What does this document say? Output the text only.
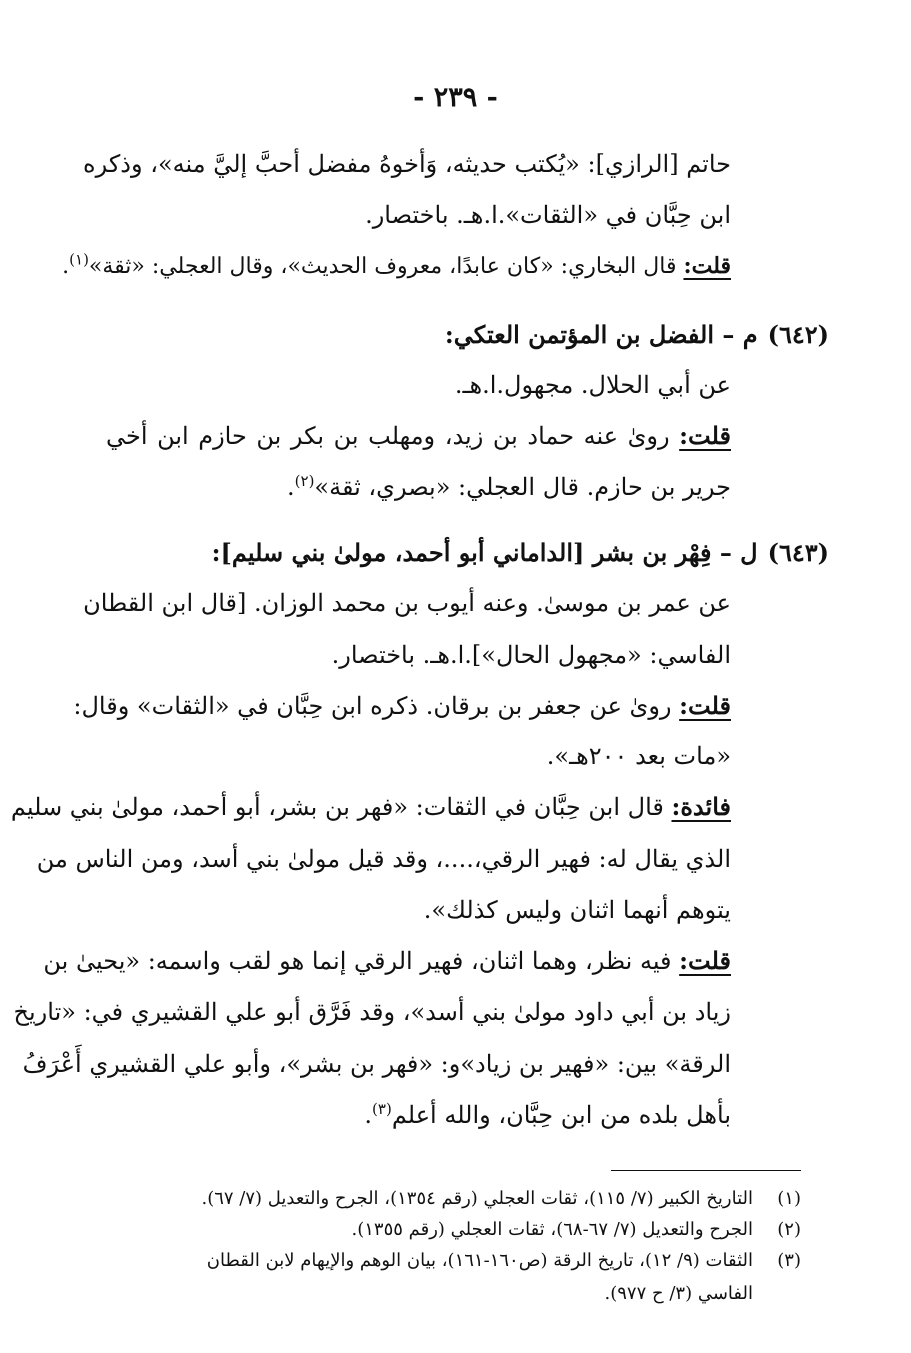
- ٢٣٩ -
حاتم [الرازي]: «يُكتب حديثه، وَأخوهُ مفضل أحبَّ إليَّ منه»، وذكره
ابن حِبَّان في «الثقات».ا.هـ. باختصار.
قلت: قال البخاري: «كان عابدًا، معروف الحديث»، وقال العجلي: «ثقة»$^{(١)}$.
(٦٤٢)م – الفضل بن المؤتمن العتكي:
عن أبي الحلال. مجهول.ا.هـ.
قلت: روىٰ عنه حماد بن زيد، ومهلب بن بكر بن حازم ابن أخي
جرير بن حازم. قال العجلي: «بصري، ثقة»$^{(٢)}$.
(٦٤٣)ل – فِهْر بن بشر [الداماني أبو أحمد، مولىٰ بني سليم]:
عن عمر بن موسىٰ. وعنه أيوب بن محمد الوزان. [قال ابن القطان
الفاسي: «مجهول الحال»].ا.هـ. باختصار.
قلت: روىٰ عن جعفر بن برقان. ذكره ابن حِبَّان في «الثقات» وقال:
«مات بعد ٢٠٠هـ».
فائدة: قال ابن حِبَّان في الثقات: «فهر بن بشر، أبو أحمد، مولىٰ بني سليم
الذي يقال له: فهير الرقي،....، وقد قيل مولىٰ بني أسد، ومن الناس من
يتوهم أنهما اثنان وليس كذلك».
قلت: فيه نظر، وهما اثنان، فهير الرقي إنما هو لقب واسمه: «يحيىٰ بن
زياد بن أبي داود مولىٰ بني أسد»، وقد فَرَّق أبو علي القشيري في: «تاريخ
الرقة» بين: «فهير بن زياد»و: «فهر بن بشر»، وأبو علي القشيري أَعْرَفُ
بأهل بلده من ابن حِبَّان، والله أعلم$^{(٣)}$.
(١)التاريخ الكبير (٧/ ١١٥)، ثقات العجلي (رقم ١٣٥٤)، الجرح والتعديل (٧/ ٦٧).
(٢)الجرح والتعديل (٧/ ٦٧-٦٨)، ثقات العجلي (رقم ١٣٥٥).
(٣)الثقات (٩/ ١٢)، تاريخ الرقة (ص١٦٠-١٦١)، بيان الوهم والإيهام لابن القطان
الفاسي (٣/ ح ٩٧٧).
